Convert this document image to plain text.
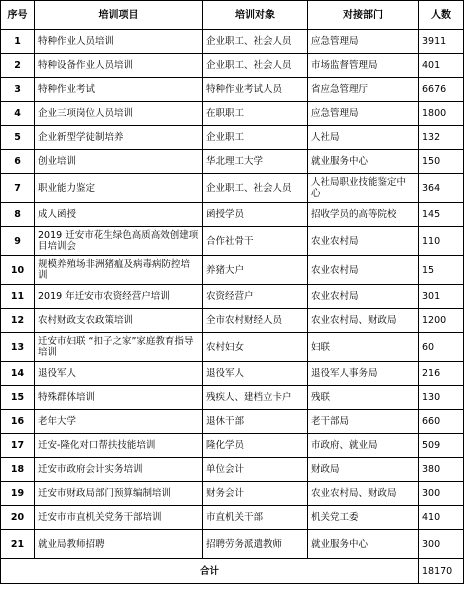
序号	培训项目	培训对象	对接部门	人数
1	特种作业人员培训	企业职工、社会人员	应急管理局	3911
2	特种设备作业人员培训	企业职工、社会人员	市场监督管理局	401
3	特种作业考试	特种作业考试人员	省应急管理厅	6676
4	企业三项岗位人员培训	在职职工	应急管理局	1800
5	企业新型学徒制培养	企业职工	人社局	132
6	创业培训	华北理工大学	就业服务中心	150
7	职业能力鉴定	企业职工、社会人员	人社局职业技能鉴定中心	364
8	成人函授	函授学员	招收学员的高等院校	145
9	2019 迁安市花生绿色高质高效创建项目培训会	合作社骨干	农业农村局	110
10	规模养殖场非洲猪瘟及病毒病防控培训	养猪大户	农业农村局	15
11	2019 年迁安市农资经营户培训	农资经营户	农业农村局	301
12	农村财政支农政策培训	全市农村财经人员	农业农村局、财政局	1200
13	迁安市妇联 “扣子之家”家庭教育指导培训	农村妇女	妇联	60
14	退役军人	退役军人	退役军人事务局	216
15	特殊群体培训	残疾人、建档立卡户	残联	130
16	老年大学	退休干部	老干部局	660
17	迁安-隆化对口帮扶技能培训	隆化学员	市政府、就业局	509
18	迁安市政府会计实务培训	单位会计	财政局	380
19	迁安市财政局部门预算编制培训	财务会计	农业农村局、财政局	300
20	迁安市市直机关党务干部培训	市直机关干部	机关党工委	410
21	就业局教师招聘	招聘劳务派遣教师	就业服务中心	300
合计				18170
